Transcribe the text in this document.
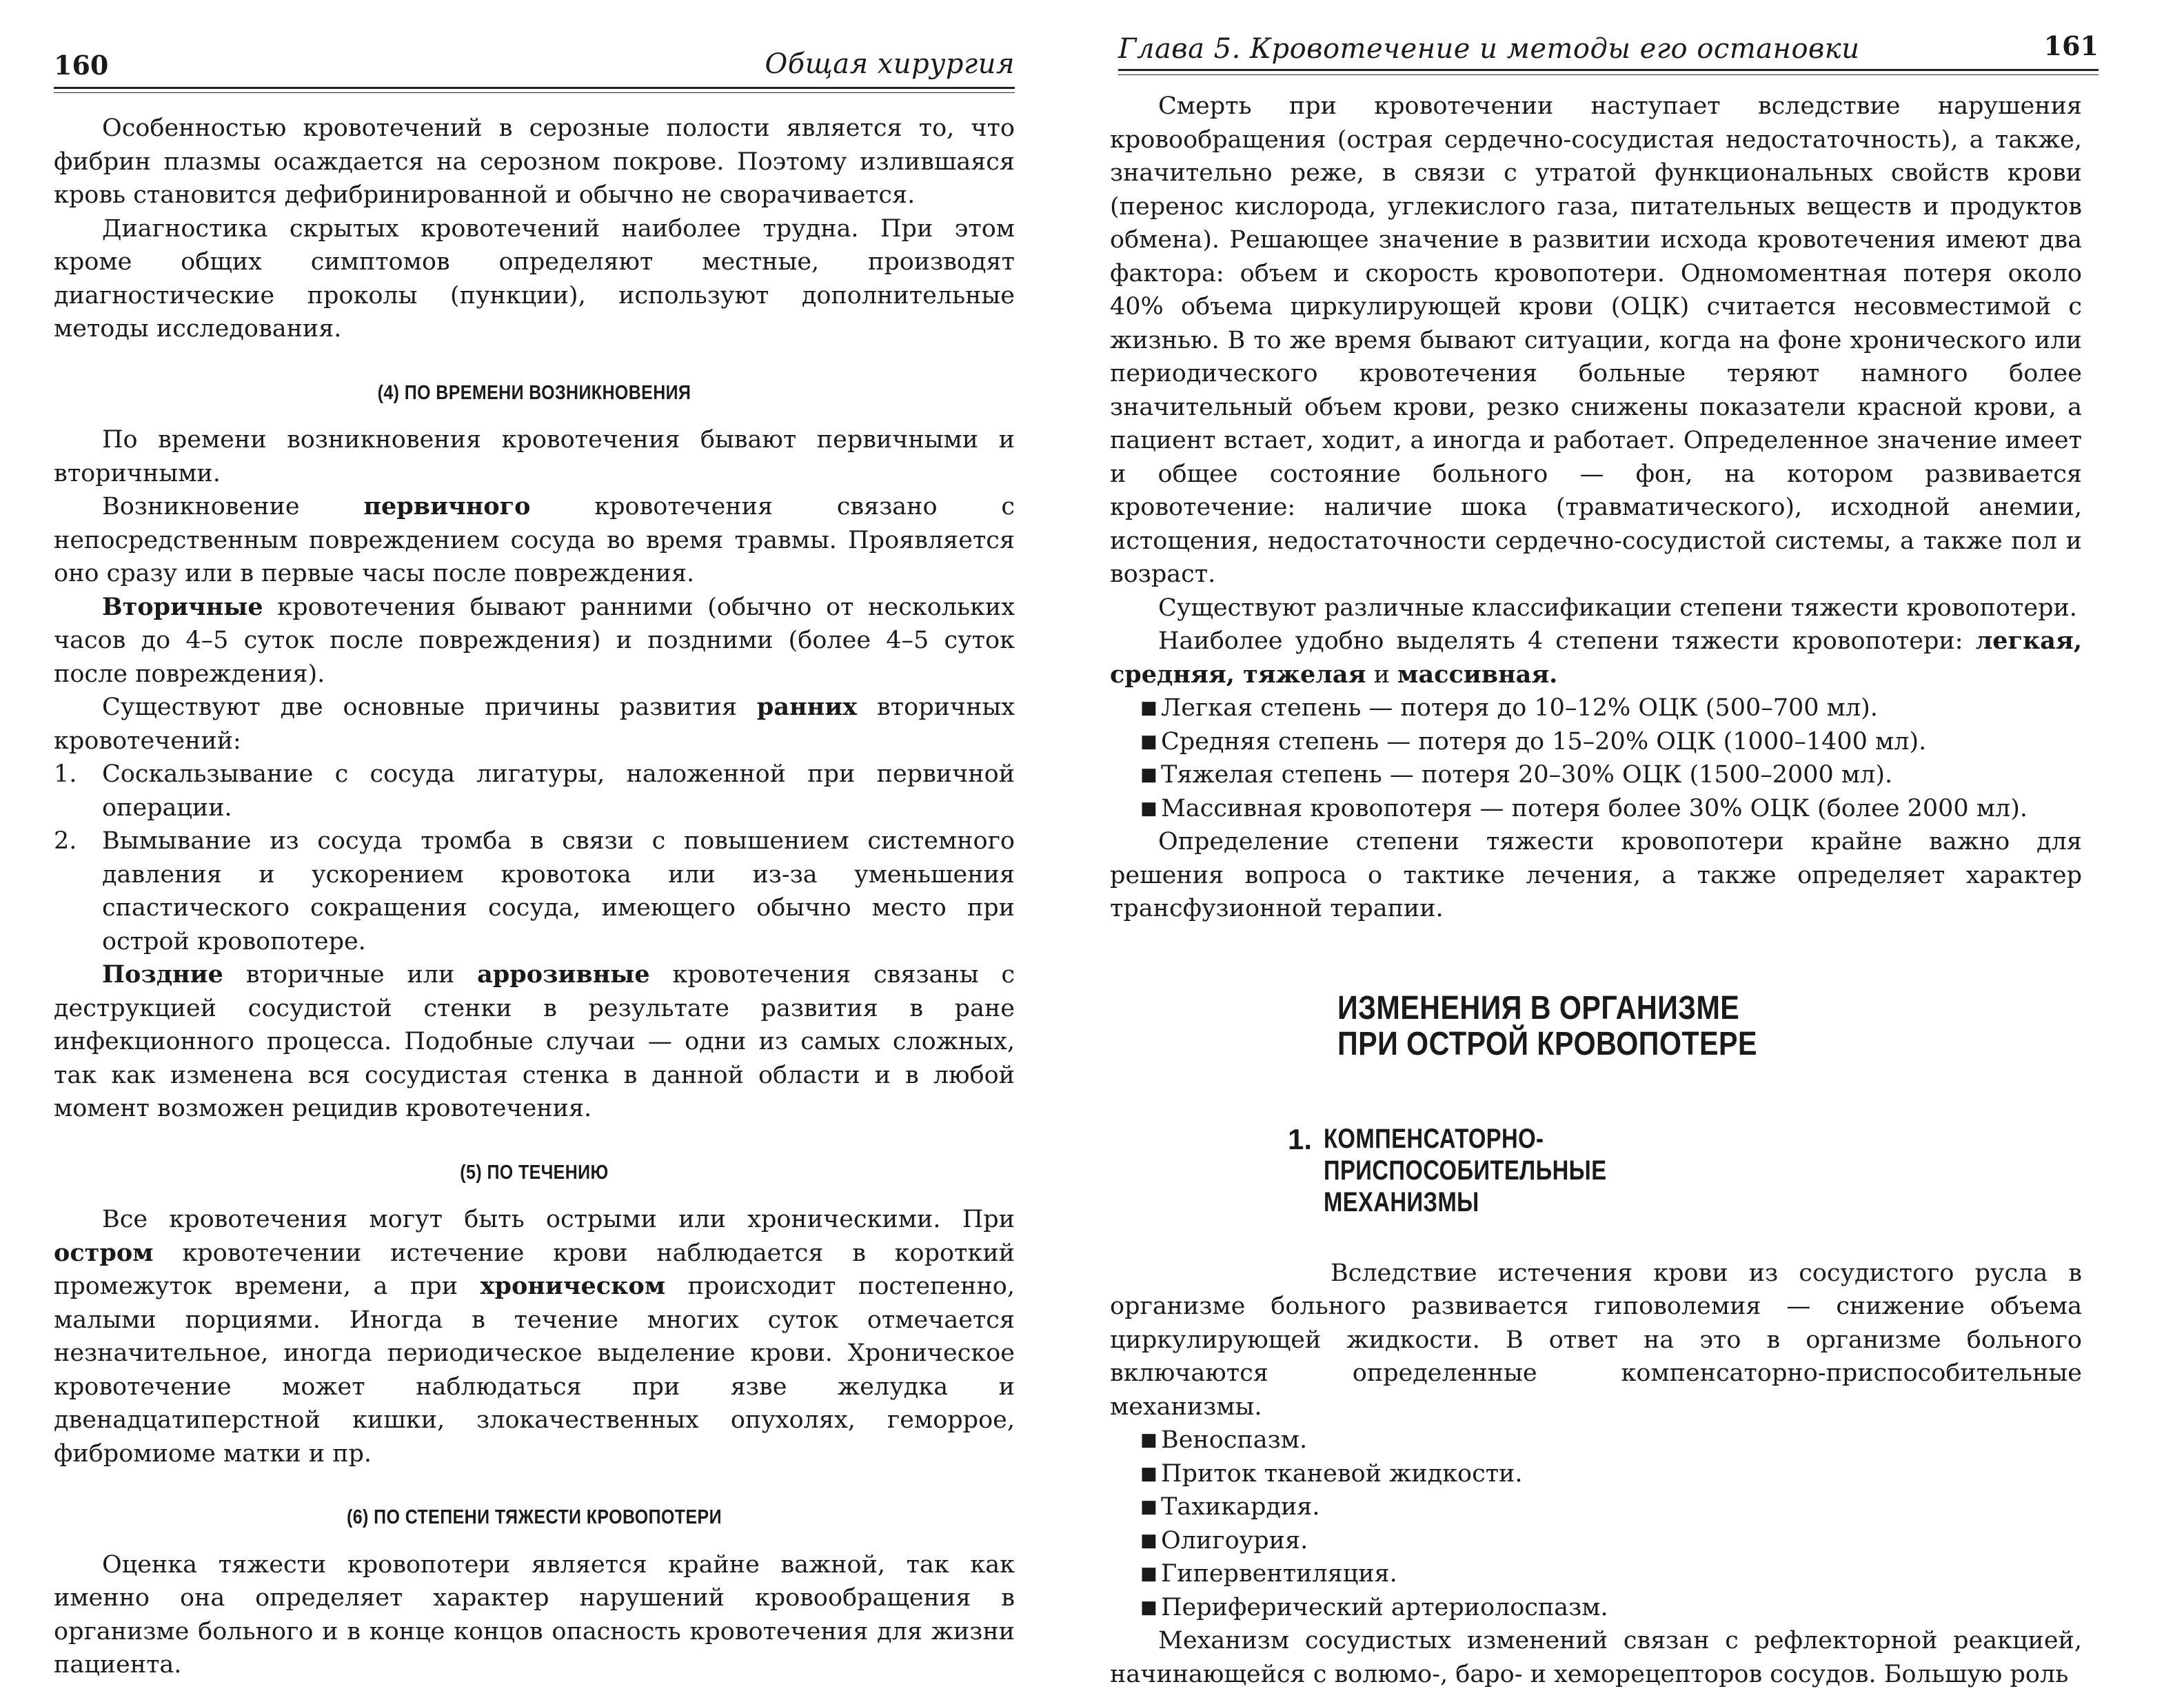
160	Общая хирургия

Особенностью кровотечений в серозные полости является то, что фибрин плазмы осаждается на серозном покрове. Поэтому излившаяся кровь становится дефибринированной и обычно не сворачивается.

Диагностика скрытых кровотечений наиболее трудна. При этом кроме общих симптомов определяют местные, производят диагностические проколы (пункции), используют дополнительные методы исследования.

(4) ПО ВРЕМЕНИ ВОЗНИКНОВЕНИЯ

По времени возникновения кровотечения бывают первичными и вторичными.

Возникновение первичного кровотечения связано с непосредственным повреждением сосуда во время травмы. Проявляется оно сразу или в первые часы после повреждения.

Вторичные кровотечения бывают ранними (обычно от нескольких часов до 4–5 суток после повреждения) и поздними (более 4–5 суток после повреждения).

Существуют две основные причины развития ранних вторичных кровотечений:

1.	Соскальзывание с сосуда лигатуры, наложенной при первичной операции.
2.	Вымывание из сосуда тромба в связи с повышением системного давления и ускорением кровотока или из-за уменьшения спастического сокращения сосуда, имеющего обычно место при острой кровопотере.

Поздние вторичные или аррозивные кровотечения связаны с деструкцией сосудистой стенки в результате развития в ране инфекционного процесса. Подобные случаи — одни из самых сложных, так как изменена вся сосудистая стенка в данной области и в любой момент возможен рецидив кровотечения.

(5) ПО ТЕЧЕНИЮ

Все кровотечения могут быть острыми или хроническими. При остром кровотечении истечение крови наблюдается в короткий промежуток времени, а при хроническом происходит постепенно, малыми порциями. Иногда в течение многих суток отмечается незначительное, иногда периодическое выделение крови. Хроническое кровотечение может наблюдаться при язве желудка и двенадцатиперстной кишки, злокачественных опухолях, геморрое, фибромиоме матки и пр.

(6) ПО СТЕПЕНИ ТЯЖЕСТИ КРОВОПОТЕРИ

Оценка тяжести кровопотери является крайне важной, так как именно она определяет характер нарушений кровообращения в организме больного и в конце концов опасность кровотечения для жизни пациента.

Глава 5. Кровотечение и методы его остановки	161

Смерть при кровотечении наступает вследствие нарушения кровообращения (острая сердечно-сосудистая недостаточность), а также, значительно реже, в связи с утратой функциональных свойств крови (перенос кислорода, углекислого газа, питательных веществ и продуктов обмена). Решающее значение в развитии исхода кровотечения имеют два фактора: объем и скорость кровопотери. Одномоментная потеря около 40% объема циркулирующей крови (ОЦК) считается несовместимой с жизнью. В то же время бывают ситуации, когда на фоне хронического или периодического кровотечения больные теряют намного более значительный объем крови, резко снижены показатели красной крови, а пациент встает, ходит, а иногда и работает. Определенное значение имеет и общее состояние больного — фон, на котором развивается кровотечение: наличие шока (травматического), исходной анемии, истощения, недостаточности сердечно-сосудистой системы, а также пол и возраст.

Существуют различные классификации степени тяжести кровопотери.

Наиболее удобно выделять 4 степени тяжести кровопотери: легкая, средняя, тяжелая и массивная.

■ Легкая степень — потеря до 10–12% ОЦК (500–700 мл).
■ Средняя степень — потеря до 15–20% ОЦК (1000–1400 мл).
■ Тяжелая степень — потеря 20–30% ОЦК (1500–2000 мл).
■ Массивная кровопотеря — потеря более 30% ОЦК (более 2000 мл).

Определение степени тяжести кровопотери крайне важно для решения вопроса о тактике лечения, а также определяет характер трансфузионной терапии.

ИЗМЕНЕНИЯ В ОРГАНИЗМЕ
ПРИ ОСТРОЙ КРОВОПОТЕРЕ
1. КОМПЕНСАТОРНО-
ПРИСПОСОБИТЕЛЬНЫЕ
МЕХАНИЗМЫ

Вследствие истечения крови из сосудистого русла в организме больного развивается гиповолемия — снижение объема циркулирующей жидкости. В ответ на это в организме больного включаются определенные компенсаторно-приспособительные механизмы.

■ Веноспазм.
■ Приток тканевой жидкости.
■ Тахикардия.
■ Олигоурия.
■ Гипервентиляция.
■ Периферический артериолоспазм.

Механизм сосудистых изменений связан с рефлекторной реакцией, начинающейся с волюмо-, баро- и хеморецепторов сосудов. Большую роль
